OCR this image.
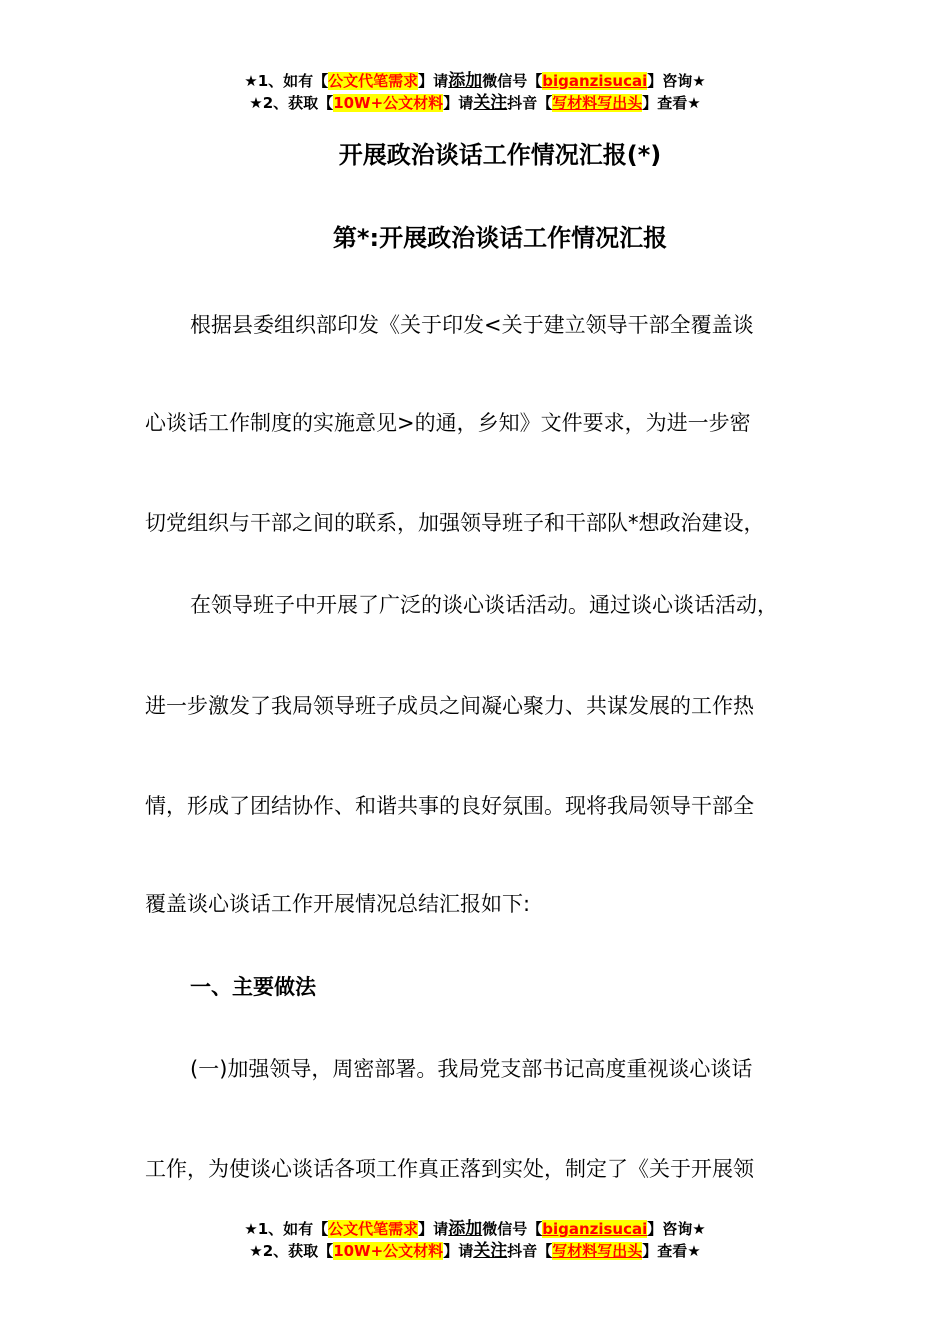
★1、如有【公文代笔需求】请添加微信号【biganzisucai】咨询★
★2、获取【10W+公文材料】请关注抖音【写材料写出头】查看★
开展政治谈话工作情况汇报(*)
第*:开展政治谈话工作情况汇报
根据县委组织部印发《关于印发<关于建立领导干部全覆盖谈
心谈话工作制度的实施意见>的通，乡知》文件要求，为进一步密
切党组织与干部之间的联系，加强领导班子和干部队*想政治建设，
在领导班子中开展了广泛的谈心谈话活动。通过谈心谈话活动，
进一步激发了我局领导班子成员之间凝心聚力、共谋发展的工作热
情，形成了团结协作、和谐共事的良好氛围。现将我局领导干部全
覆盖谈心谈话工作开展情况总结汇报如下:
一、主要做法
(一)加强领导，周密部署。我局党支部书记高度重视谈心谈话
工作，为使谈心谈话各项工作真正落到实处，制定了《关于开展领
★1、如有【公文代笔需求】请添加微信号【biganzisucai】咨询★
★2、获取【10W+公文材料】请关注抖音【写材料写出头】查看★
